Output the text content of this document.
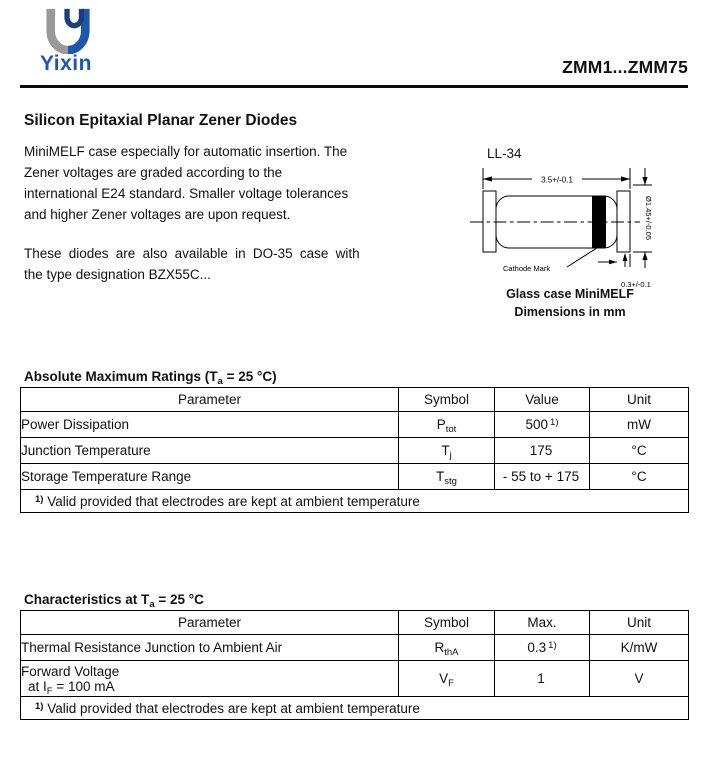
Yixin	ZMM1...ZMM75
Silicon Epitaxial Planar Zener Diodes
MiniMELF case especially for automatic insertion. The
Zener voltages are graded according to the
international E24 standard. Smaller voltage tolerances
and higher Zener voltages are upon request.
These diodes are also available in DO-35 case with
the type designation BZX55C...
LL-34
3.5+/-0.1
Ø1.45+/-0.05
0.3+/-0.1
Cathode Mark
Glass case MiniMELF
Dimensions in mm
Absolute Maximum Ratings ($T_a = 25$ °C)
Parameter	Symbol	Value	Unit
Power Dissipation	$P_{tot}$	500 $^{1)}$	mW
Junction Temperature	$T_j$	175	°C
Storage Temperature Range	$T_{stg}$	- 55 to + 175	°C
$^{1)}$ Valid provided that electrodes are kept at ambient temperature			
Characteristics at $T_a = 25$ °C
Parameter	Symbol	Max.	Unit
Thermal Resistance Junction to Ambient Air	$R_{thA}$	0.3 $^{1)}$	K/mW

Forward Voltage
at $I_F = 100$ mA	$V_F$	1	V
$^{1)}$ Valid provided that electrodes are kept at ambient temperature			
